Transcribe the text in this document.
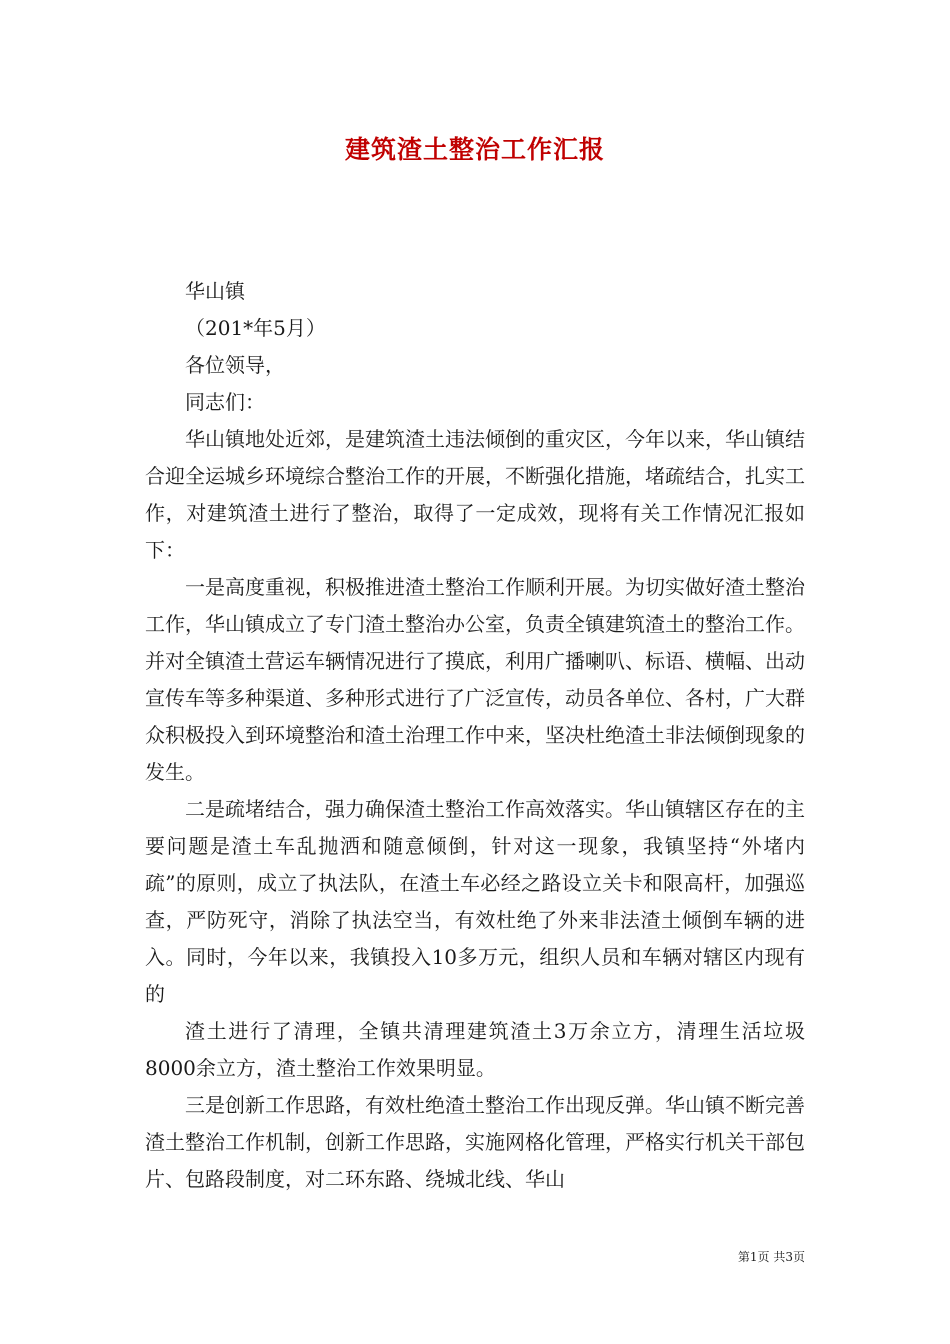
建筑渣土整治工作汇报

华山镇

（201*年5月）

各位领导，

同志们：

华山镇地处近郊，是建筑渣土违法倾倒的重灾区，今年以来，华山镇结合迎全运城乡环境综合整治工作的开展，不断强化措施，堵疏结合，扎实工作，对建筑渣土进行了整治，取得了一定成效，现将有关工作情况汇报如下：

一是高度重视，积极推进渣土整治工作顺利开展。为切实做好渣土整治工作，华山镇成立了专门渣土整治办公室，负责全镇建筑渣土的整治工作。并对全镇渣土营运车辆情况进行了摸底，利用广播喇叭、标语、横幅、出动宣传车等多种渠道、多种形式进行了广泛宣传，动员各单位、各村，广大群众积极投入到环境整治和渣土治理工作中来，坚决杜绝渣土非法倾倒现象的发生。

二是疏堵结合，强力确保渣土整治工作高效落实。华山镇辖区存在的主要问题是渣土车乱抛洒和随意倾倒，针对这一现象，我镇坚持“外堵内疏”的原则，成立了执法队，在渣土车必经之路设立关卡和限高杆，加强巡查，严防死守，消除了执法空当，有效杜绝了外来非法渣土倾倒车辆的进入。同时，今年以来，我镇投入10多万元，组织人员和车辆对辖区内现有的

渣土进行了清理，全镇共清理建筑渣土3万余立方，清理生活垃圾8000余立方，渣土整治工作效果明显。

三是创新工作思路，有效杜绝渣土整治工作出现反弹。华山镇不断完善渣土整治工作机制，创新工作思路，实施网格化管理，严格实行机关干部包片、包路段制度，对二环东路、绕城北线、华山

第1页 共3页
